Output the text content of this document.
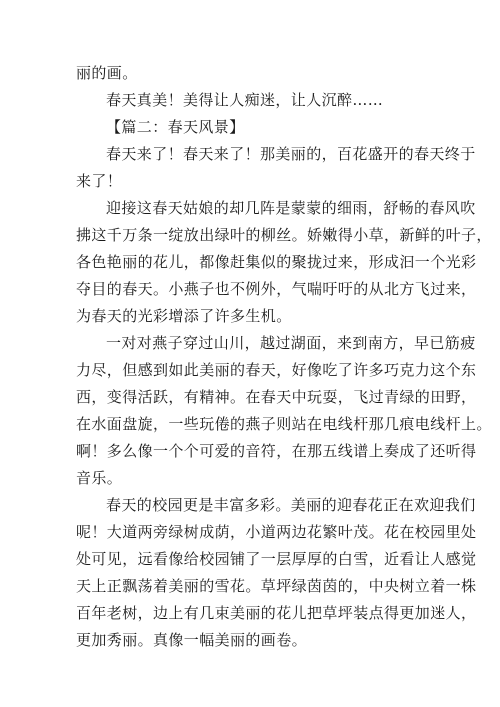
丽的画。
春天真美！美得让人痴迷，让人沉醉……
【篇二：春天风景】
春天来了！春天来了！那美丽的，百花盛开的春天终于
来了！
迎接这春天姑娘的却几阵是蒙蒙的细雨，舒畅的春风吹
拂这千万条一绽放出绿叶的柳丝。娇嫩得小草，新鲜的叶子，
各色艳丽的花儿，都像赶集似的聚拢过来，形成汩一个光彩
夺目的春天。小燕子也不例外，气喘吁吁的从北方飞过来，
为春天的光彩增添了许多生机。
一对对燕子穿过山川，越过湖面，来到南方，早已筋疲
力尽，但感到如此美丽的春天，好像吃了许多巧克力这个东
西，变得活跃，有精神。在春天中玩耍，飞过青绿的田野，
在水面盘旋，一些玩倦的燕子则站在电线杆那几痕电线杆上。
啊！多么像一个个可爱的音符，在那五线谱上奏成了还听得
音乐。
春天的校园更是丰富多彩。美丽的迎春花正在欢迎我们
呢！大道两旁绿树成荫，小道两边花繁叶茂。花在校园里处
处可见，远看像给校园铺了一层厚厚的白雪，近看让人感觉
天上正飘荡着美丽的雪花。草坪绿茵茵的，中央树立着一株
百年老树，边上有几束美丽的花儿把草坪装点得更加迷人，
更加秀丽。真像一幅美丽的画卷。
